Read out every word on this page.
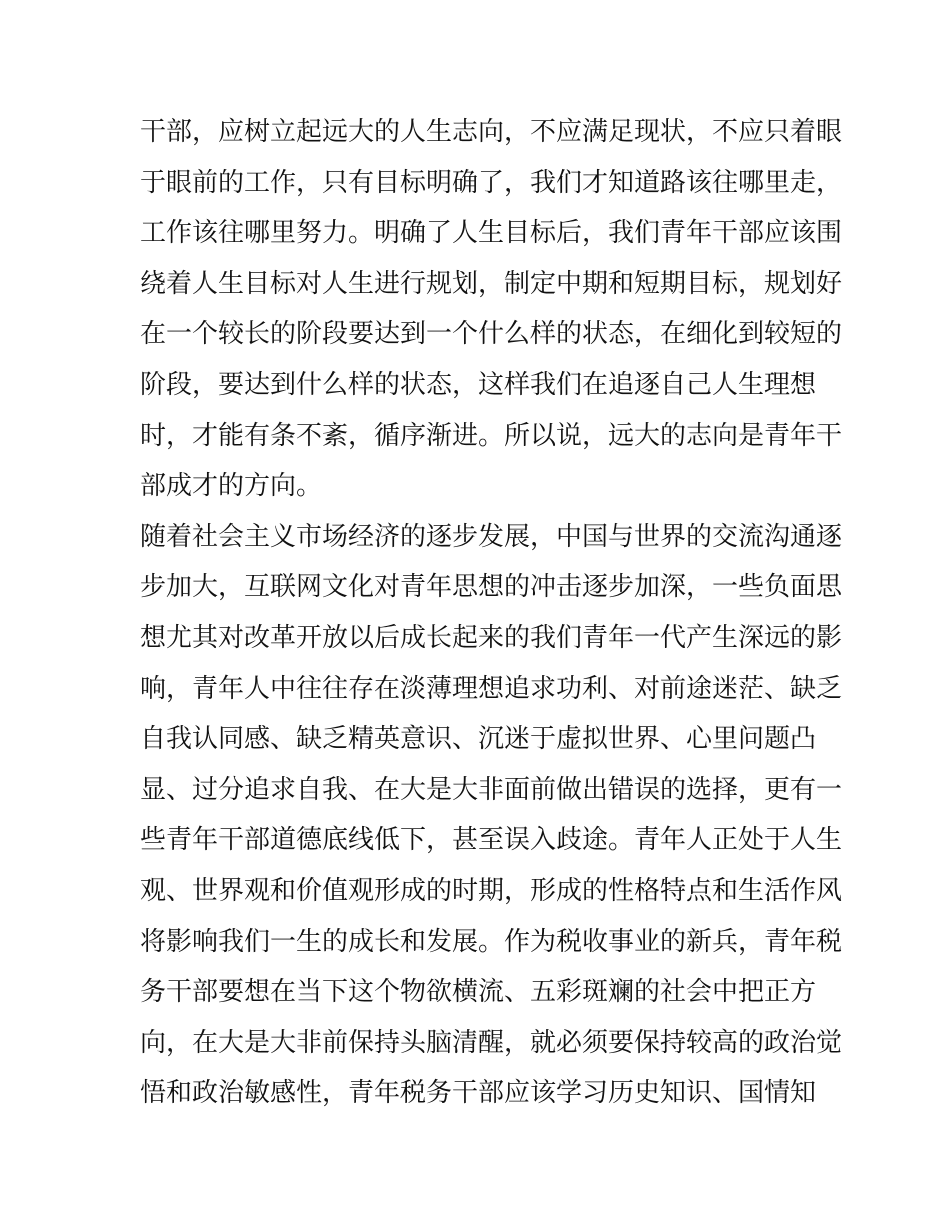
干部，应树立起远大的人生志向，不应满足现状，不应只着眼
于眼前的工作，只有目标明确了，我们才知道路该往哪里走，
工作该往哪里努力。明确了人生目标后，我们青年干部应该围
绕着人生目标对人生进行规划，制定中期和短期目标，规划好
在一个较长的阶段要达到一个什么样的状态，在细化到较短的
阶段，要达到什么样的状态，这样我们在追逐自己人生理想
时，才能有条不紊，循序渐进。所以说，远大的志向是青年干
部成才的方向。
随着社会主义市场经济的逐步发展，中国与世界的交流沟通逐
步加大，互联网文化对青年思想的冲击逐步加深，一些负面思
想尤其对改革开放以后成长起来的我们青年一代产生深远的影
响，青年人中往往存在淡薄理想追求功利、对前途迷茫、缺乏
自我认同感、缺乏精英意识、沉迷于虚拟世界、心里问题凸
显、过分追求自我、在大是大非面前做出错误的选择，更有一
些青年干部道德底线低下，甚至误入歧途。青年人正处于人生
观、世界观和价值观形成的时期，形成的性格特点和生活作风
将影响我们一生的成长和发展。作为税收事业的新兵，青年税
务干部要想在当下这个物欲横流、五彩斑斓的社会中把正方
向，在大是大非前保持头脑清醒，就必须要保持较高的政治觉
悟和政治敏感性，青年税务干部应该学习历史知识、国情知
